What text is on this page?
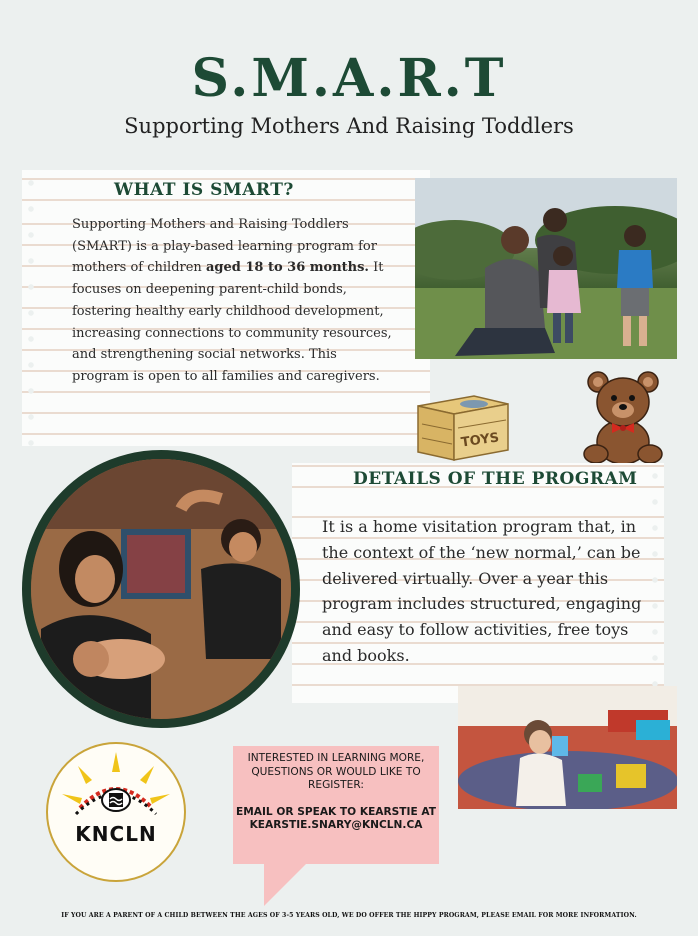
S.M.A.R.T
Supporting Mothers And Raising Toddlers
WHAT IS SMART?
Supporting Mothers and Raising Toddlers (SMART) is a play-based learning program for mothers of children aged 18 to 36 months. It focuses on deepening parent-child bonds, fostering healthy early childhood development, increasing connections to community resources, and strengthening social networks. This program is open to all families and caregivers.
TOYS
DETAILS OF THE PROGRAM
It is a home visitation program that, in the context of the ‘new normal,’ can be delivered virtually. Over a year this program includes structured, engaging and easy to follow activities, free toys and books.
KNCLN

INTERESTED IN LEARNING MORE, QUESTIONS OR WOULD LIKE TO REGISTER:

EMAIL OR SPEAK TO KEARSTIE AT

KEARSTIE.SNARY@KNCLN.CA

IF YOU ARE A PARENT OF A CHILD BETWEEN THE AGES OF 3-5 YEARS OLD, WE DO OFFER THE HIPPY PROGRAM, PLEASE EMAIL FOR MORE INFORMATION.
